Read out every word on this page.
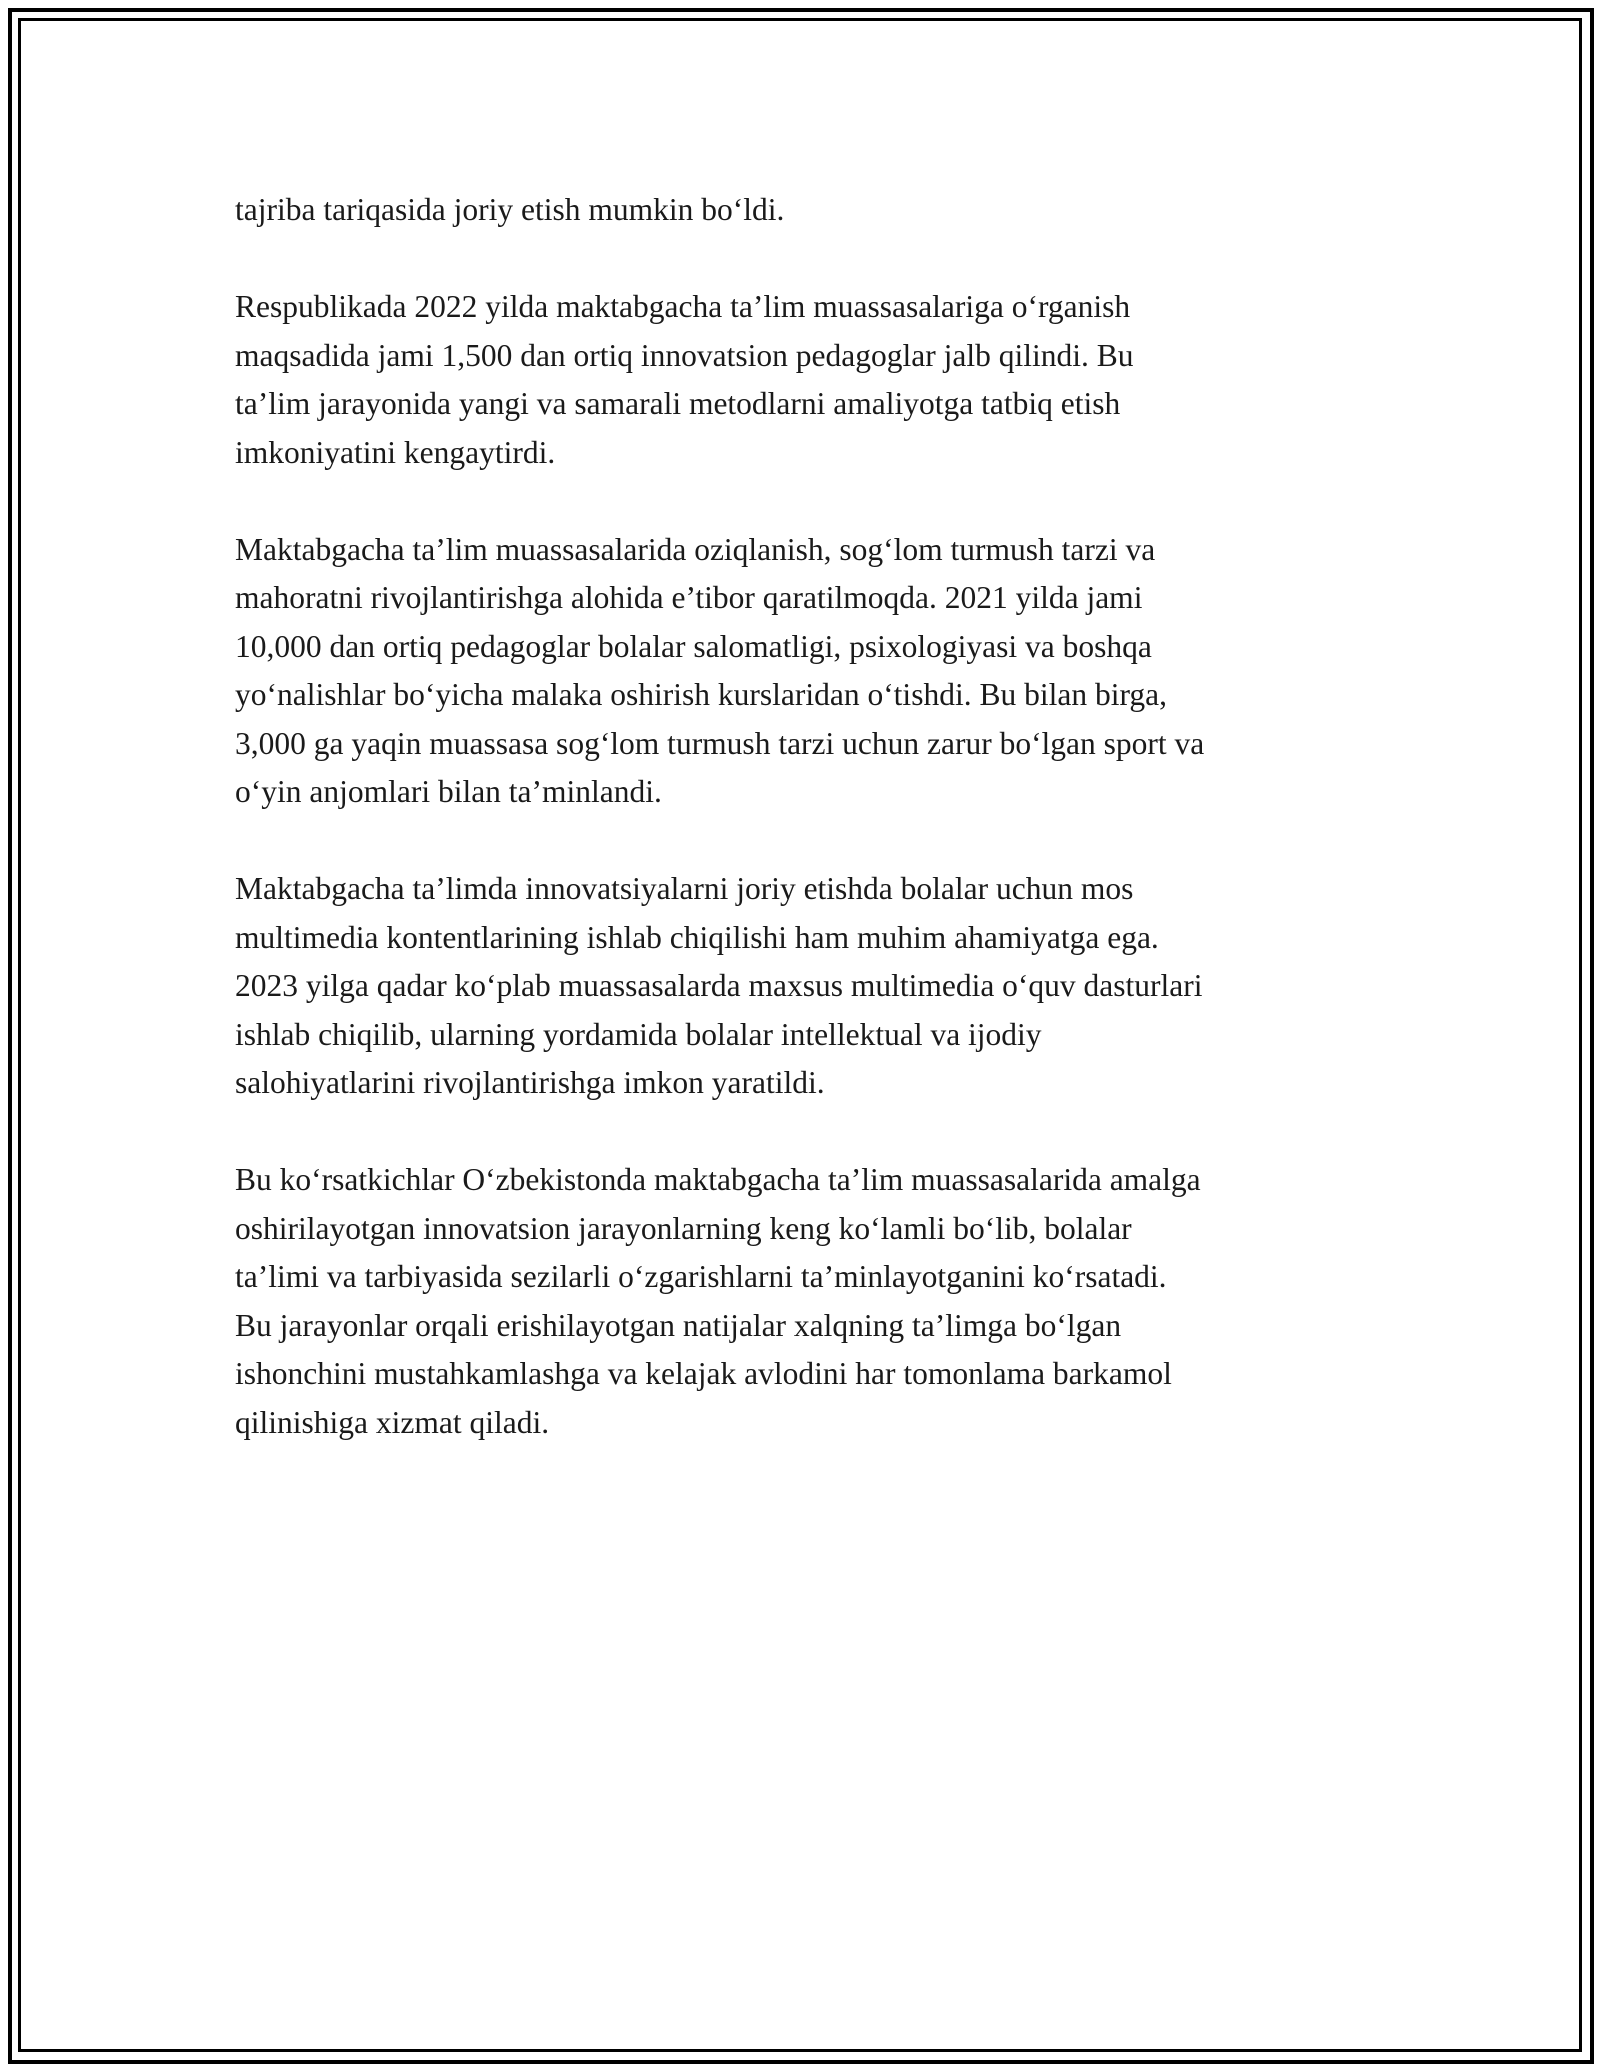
tajriba tariqasida joriy etish mumkin bo‘ldi.

Respublikada 2022 yilda maktabgacha ta’lim muassasalariga o‘rganish
maqsadida jami 1,500 dan ortiq innovatsion pedagoglar jalb qilindi. Bu
ta’lim jarayonida yangi va samarali metodlarni amaliyotga tatbiq etish
imkoniyatini kengaytirdi.

Maktabgacha ta’lim muassasalarida oziqlanish, sog‘lom turmush tarzi va
mahoratni rivojlantirishga alohida e’tibor qaratilmoqda. 2021 yilda jami
10,000 dan ortiq pedagoglar bolalar salomatligi, psixologiyasi va boshqa
yo‘nalishlar bo‘yicha malaka oshirish kurslaridan o‘tishdi. Bu bilan birga,
3,000 ga yaqin muassasa sog‘lom turmush tarzi uchun zarur bo‘lgan sport va
o‘yin anjomlari bilan ta’minlandi.

Maktabgacha ta’limda innovatsiyalarni joriy etishda bolalar uchun mos
multimedia kontentlarining ishlab chiqilishi ham muhim ahamiyatga ega.
2023 yilga qadar ko‘plab muassasalarda maxsus multimedia o‘quv dasturlari
ishlab chiqilib, ularning yordamida bolalar intellektual va ijodiy
salohiyatlarini rivojlantirishga imkon yaratildi.

Bu ko‘rsatkichlar O‘zbekistonda maktabgacha ta’lim muassasalarida amalga
oshirilayotgan innovatsion jarayonlarning keng ko‘lamli bo‘lib, bolalar
ta’limi va tarbiyasida sezilarli o‘zgarishlarni ta’minlayotganini ko‘rsatadi.
Bu jarayonlar orqali erishilayotgan natijalar xalqning ta’limga bo‘lgan
ishonchini mustahkamlashga va kelajak avlodini har tomonlama barkamol
qilinishiga xizmat qiladi.
